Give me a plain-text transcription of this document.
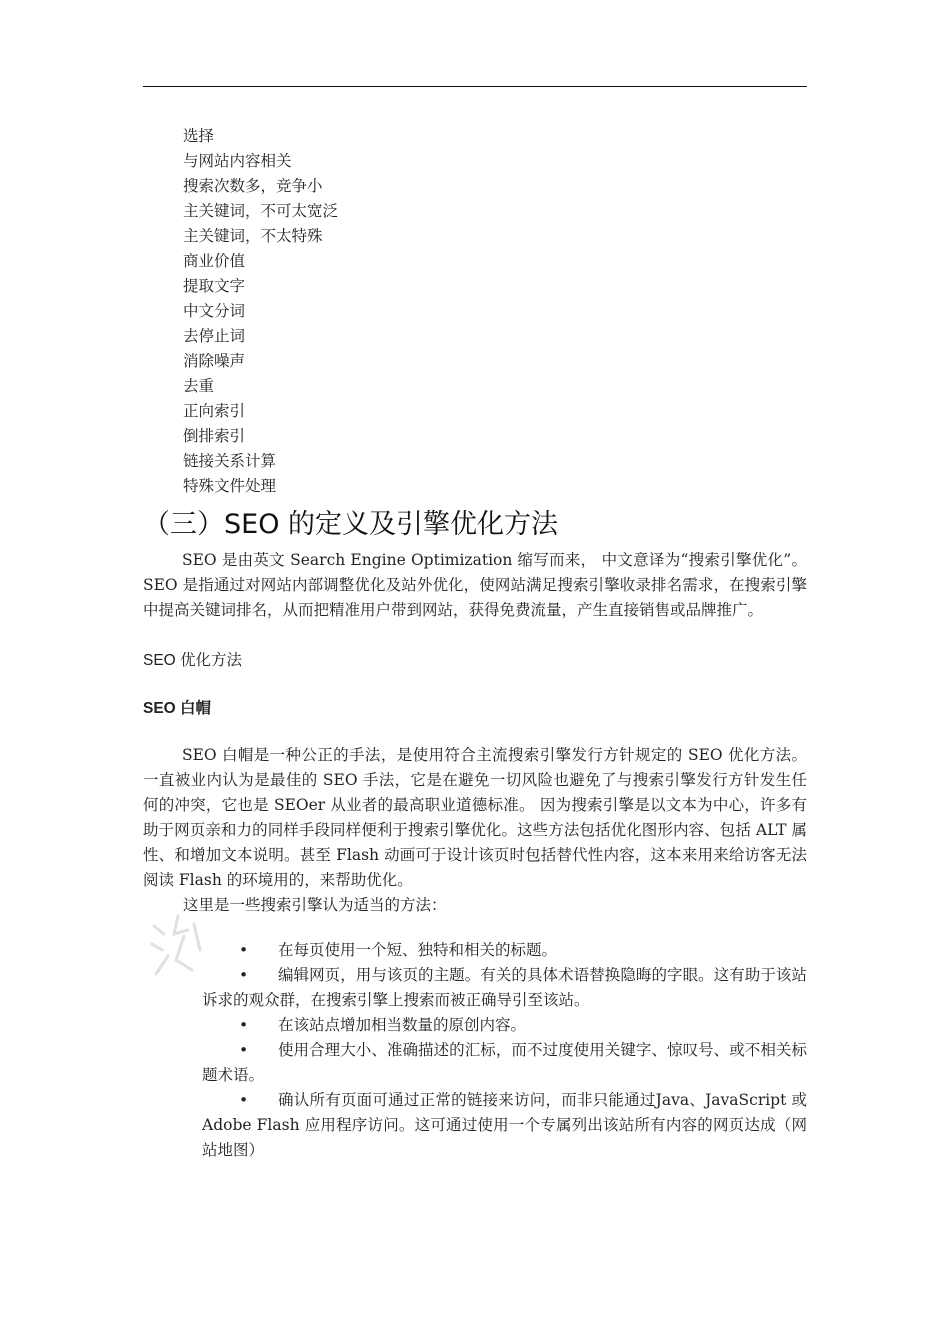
选择
与网站内容相关
搜索次数多，竞争小
主关键词，不可太宽泛
主关键词，不太特殊
商业价值
提取文字
中文分词
去停止词
消除噪声
去重
正向索引
倒排索引
链接关系计算
特殊文件处理
（三）SEO 的定义及引擎优化方法

SEO 是由英文 Search Engine Optimization 缩写而来， 中文意译为“搜索引擎优化”。SEO 是指通过对网站内部调整优化及站外优化，使网站满足搜索引擎收录排名需求，在搜索引擎中提高关键词排名，从而把精准用户带到网站，获得免费流量，产生直接销售或品牌推广。

SEO 优化方法

SEO 白帽

SEO 白帽是一种公正的手法，是使用符合主流搜索引擎发行方针规定的 SEO 优化方法。一直被业内认为是最佳的 SEO 手法，它是在避免一切风险也避免了与搜索引擎发行方针发生任何的冲突，它也是 SEOer 从业者的最高职业道德标准。 因为搜索引擎是以文本为中心，许多有助于网页亲和力的同样手段同样便利于搜索引擎优化。这些方法包括优化图形内容、包括 ALT 属性、和增加文本说明。甚至 Flash 动画可于设计该页时包括替代性内容，这本来用来给访客无法阅读 Flash 的环境用的，来帮助优化。

这里是一些搜索引擎认为适当的方法：

• 在每页使用一个短、独特和相关的标题。
• 编辑网页，用与该页的主题。有关的具体术语替换隐晦的字眼。这有助于该站诉求的观众群，在搜索引擎上搜索而被正确导引至该站。
• 在该站点增加相当数量的原创内容。
• 使用合理大小、准确描述的汇标，而不过度使用关键字、惊叹号、或不相关标题术语。
• 确认所有页面可通过正常的链接来访问，而非只能通过Java、JavaScript 或 Adobe Flash 应用程序访问。这可通过使用一个专属列出该站所有内容的网页达成（网站地图）
